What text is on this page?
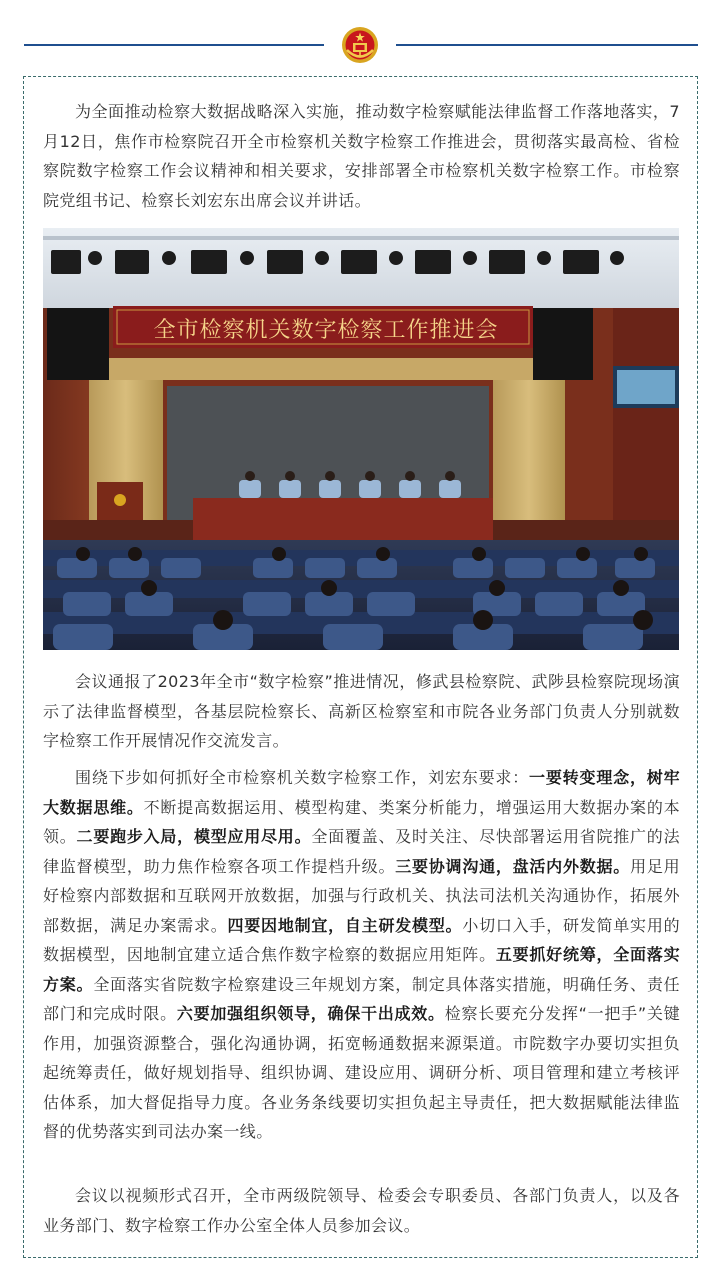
为全面推动检察大数据战略深入实施，推动数字检察赋能法律监督工作落地落实，7月12日，焦作市检察院召开全市检察机关数字检察工作推进会，贯彻落实最高检、省检察院数字检察工作会议精神和相关要求，安排部署全市检察机关数字检察工作。市检察院党组书记、检察长刘宏东出席会议并讲话。

全市检察机关数字检察工作推进会

会议通报了2023年全市“数字检察”推进情况，修武县检察院、武陟县检察院现场演示了法律监督模型，各基层院检察长、高新区检察室和市院各业务部门负责人分别就数字检察工作开展情况作交流发言。

围绕下步如何抓好全市检察机关数字检察工作，刘宏东要求：一要转变理念，树牢大数据思维。不断提高数据运用、模型构建、类案分析能力，增强运用大数据办案的本领。二要跑步入局，模型应用尽用。全面覆盖、及时关注、尽快部署运用省院推广的法律监督模型，助力焦作检察各项工作提档升级。三要协调沟通，盘活内外数据。用足用好检察内部数据和互联网开放数据，加强与行政机关、执法司法机关沟通协作，拓展外部数据，满足办案需求。四要因地制宜，自主研发模型。小切口入手，研发简单实用的数据模型，因地制宜建立适合焦作数字检察的数据应用矩阵。五要抓好统筹，全面落实方案。全面落实省院数字检察建设三年规划方案，制定具体落实措施，明确任务、责任部门和完成时限。六要加强组织领导，确保干出成效。检察长要充分发挥“一把手”关键作用，加强资源整合，强化沟通协调，拓宽畅通数据来源渠道。市院数字办要切实担负起统筹责任，做好规划指导、组织协调、建设应用、调研分析、项目管理和建立考核评估体系，加大督促指导力度。各业务条线要切实担负起主导责任，把大数据赋能法律监督的优势落实到司法办案一线。

会议以视频形式召开，全市两级院领导、检委会专职委员、各部门负责人，以及各业务部门、数字检察工作办公室全体人员参加会议。
